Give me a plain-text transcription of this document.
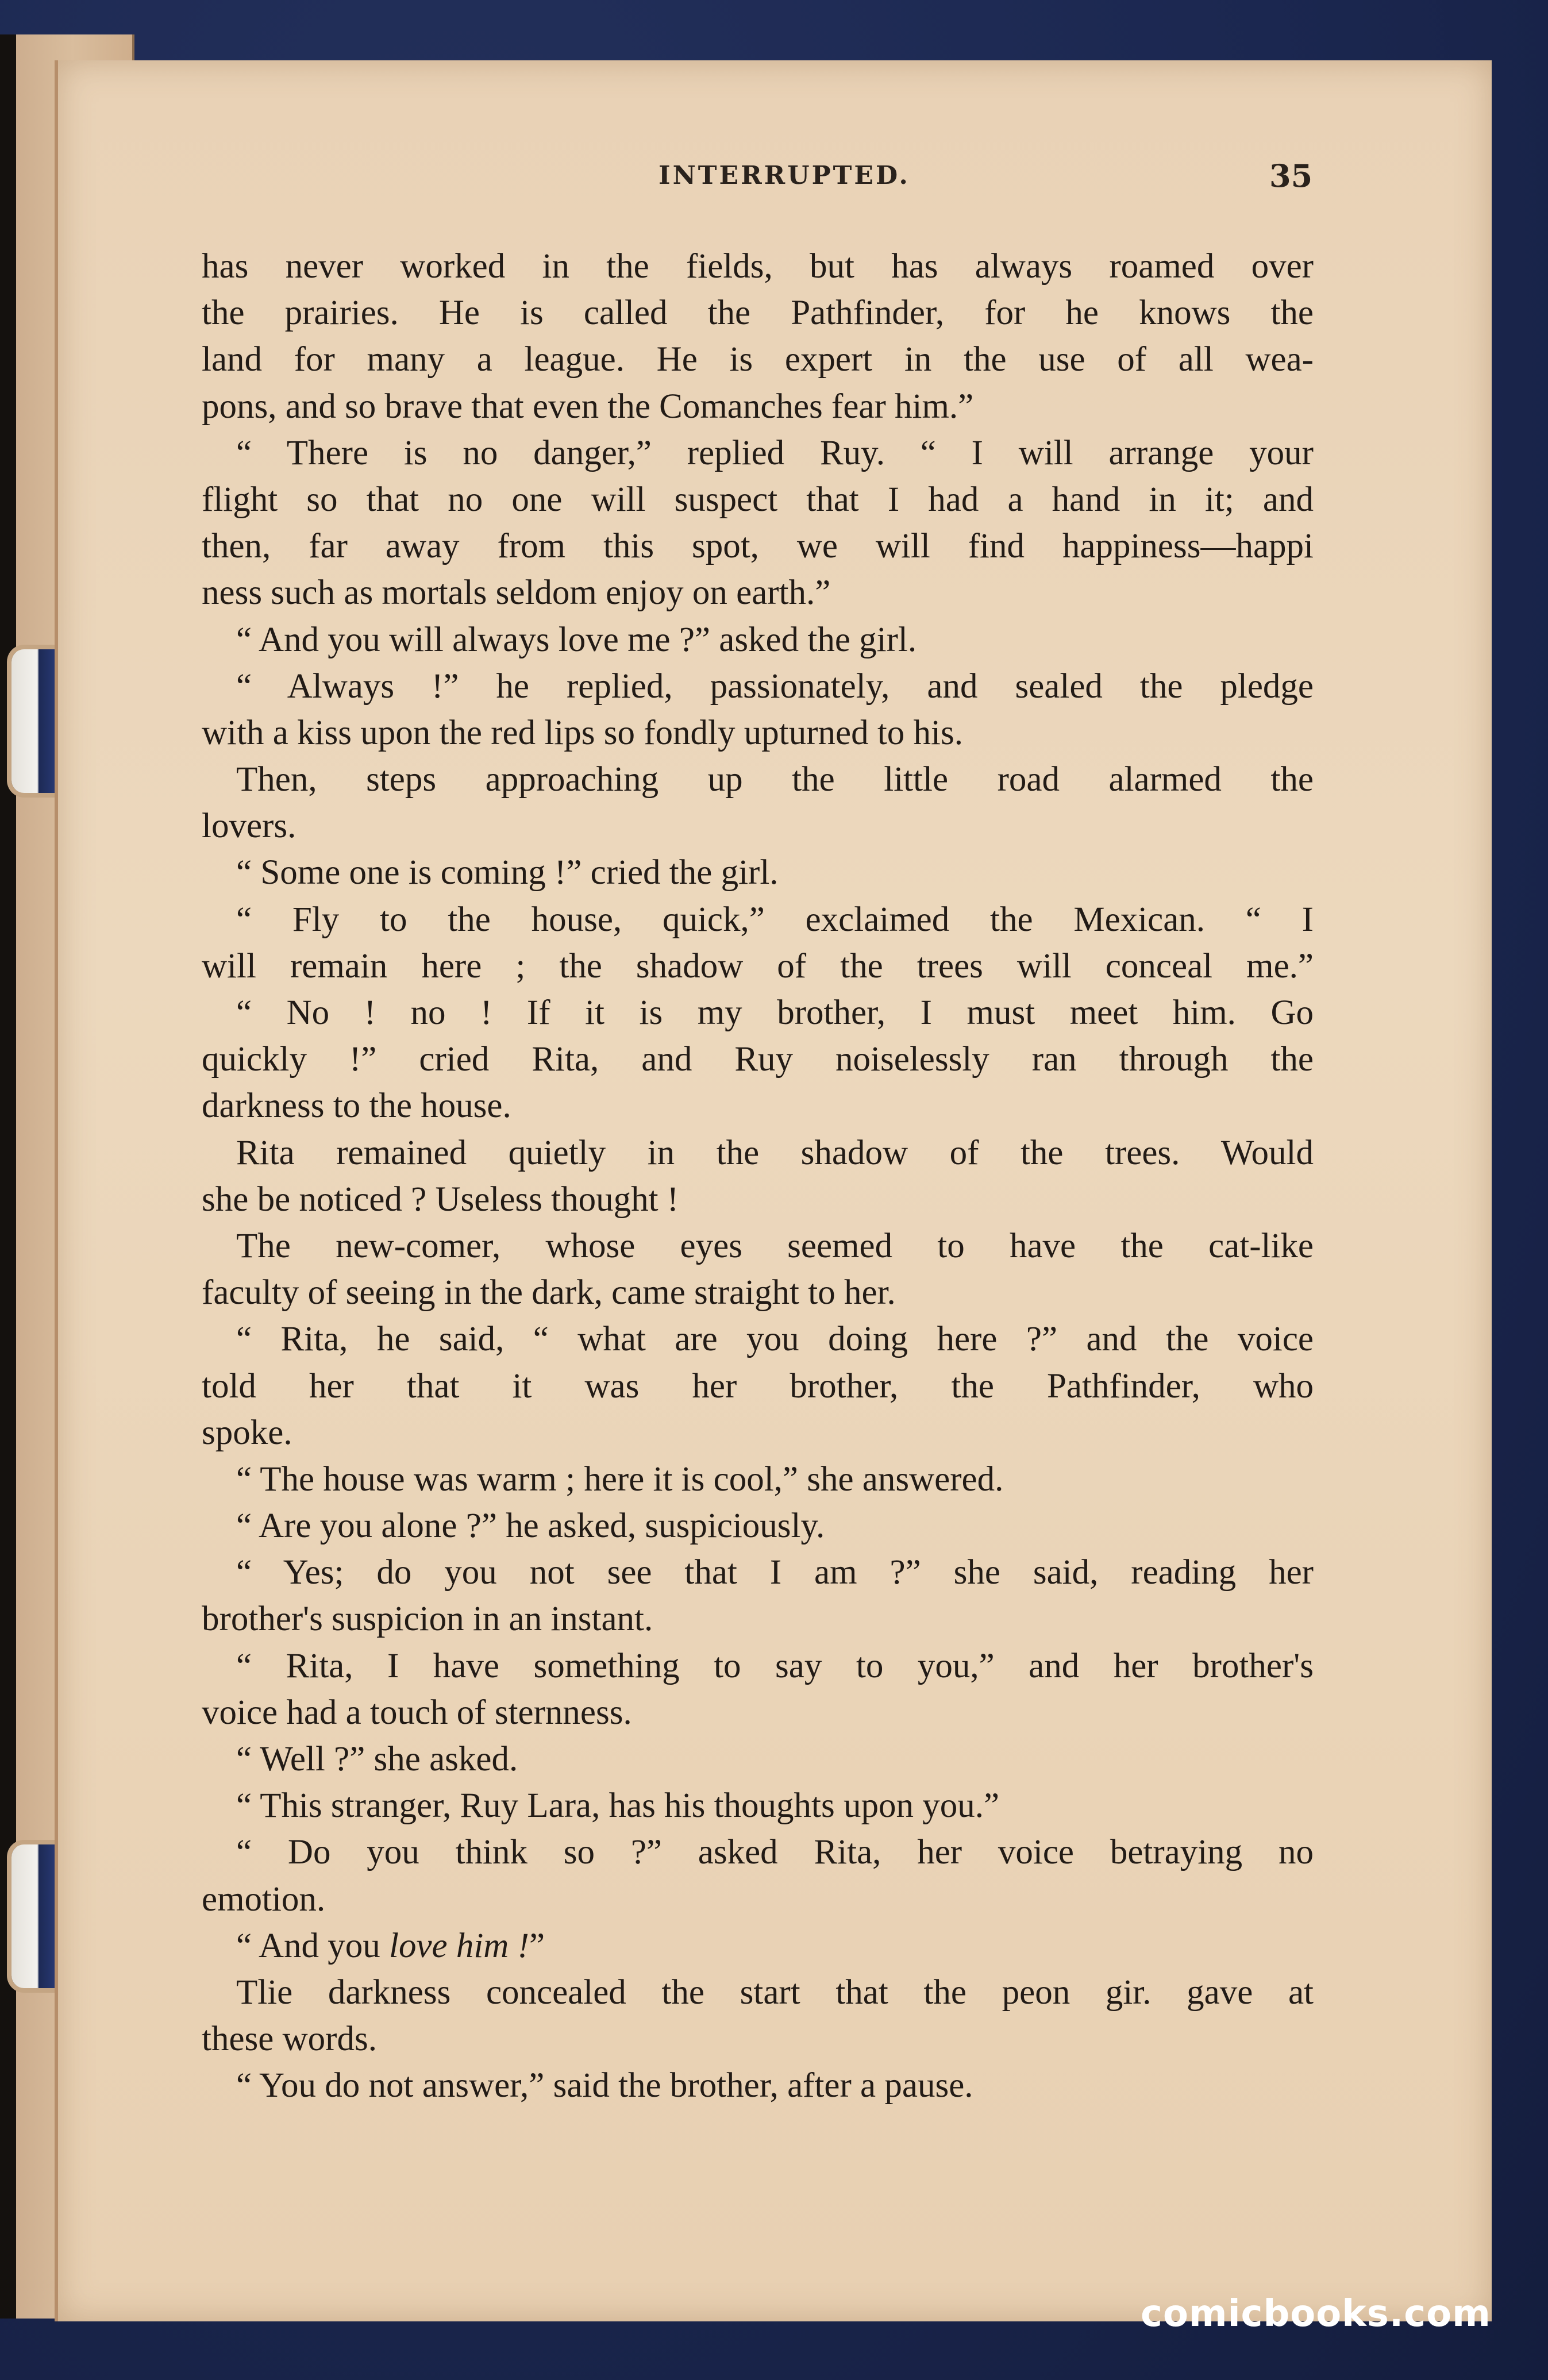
INTERRUPTED.	35
has never worked in the fields, but has always roamed over
the prairies. He is called the Pathfinder, for he knows the
land for many a league. He is expert in the use of all wea-
pons, and so brave that even the Comanches fear him.”
“ There is no danger,” replied Ruy. “ I will arrange your
flight so that no one will suspect that I had a hand in it; and
then, far away from this spot, we will find happiness—happi
ness such as mortals seldom enjoy on earth.”
“ And you will always love me ?” asked the girl.
“ Always !” he replied, passionately, and sealed the pledge
with a kiss upon the red lips so fondly upturned to his.
Then, steps approaching up the little road alarmed the
lovers.
“ Some one is coming !” cried the girl.
“ Fly to the house, quick,” exclaimed the Mexican. “ I
will remain here ; the shadow of the trees will conceal me.”
“ No ! no ! If it is my brother, I must meet him. Go
quickly !” cried Rita, and Ruy noiselessly ran through the
darkness to the house.
Rita remained quietly in the shadow of the trees. Would
she be noticed ? Useless thought !
The new-comer, whose eyes seemed to have the cat-like
faculty of seeing in the dark, came straight to her.
“ Rita, he said, “ what are you doing here ?” and the voice
told her that it was her brother, the Pathfinder, who
spoke.
“ The house was warm ; here it is cool,” she answered.
“ Are you alone ?” he asked, suspiciously.
“ Yes; do you not see that I am ?” she said, reading her
brother's suspicion in an instant.
“ Rita, I have something to say to you,” and her brother's
voice had a touch of sternness.
“ Well ?” she asked.
“ This stranger, Ruy Lara, has his thoughts upon you.”
“ Do you think so ?” asked Rita, her voice betraying no
emotion.
“ And you love him !”
Tlie darkness concealed the start that the peon gir. gave at
these words.
“ You do not answer,” said the brother, after a pause.
comicbooks.com
